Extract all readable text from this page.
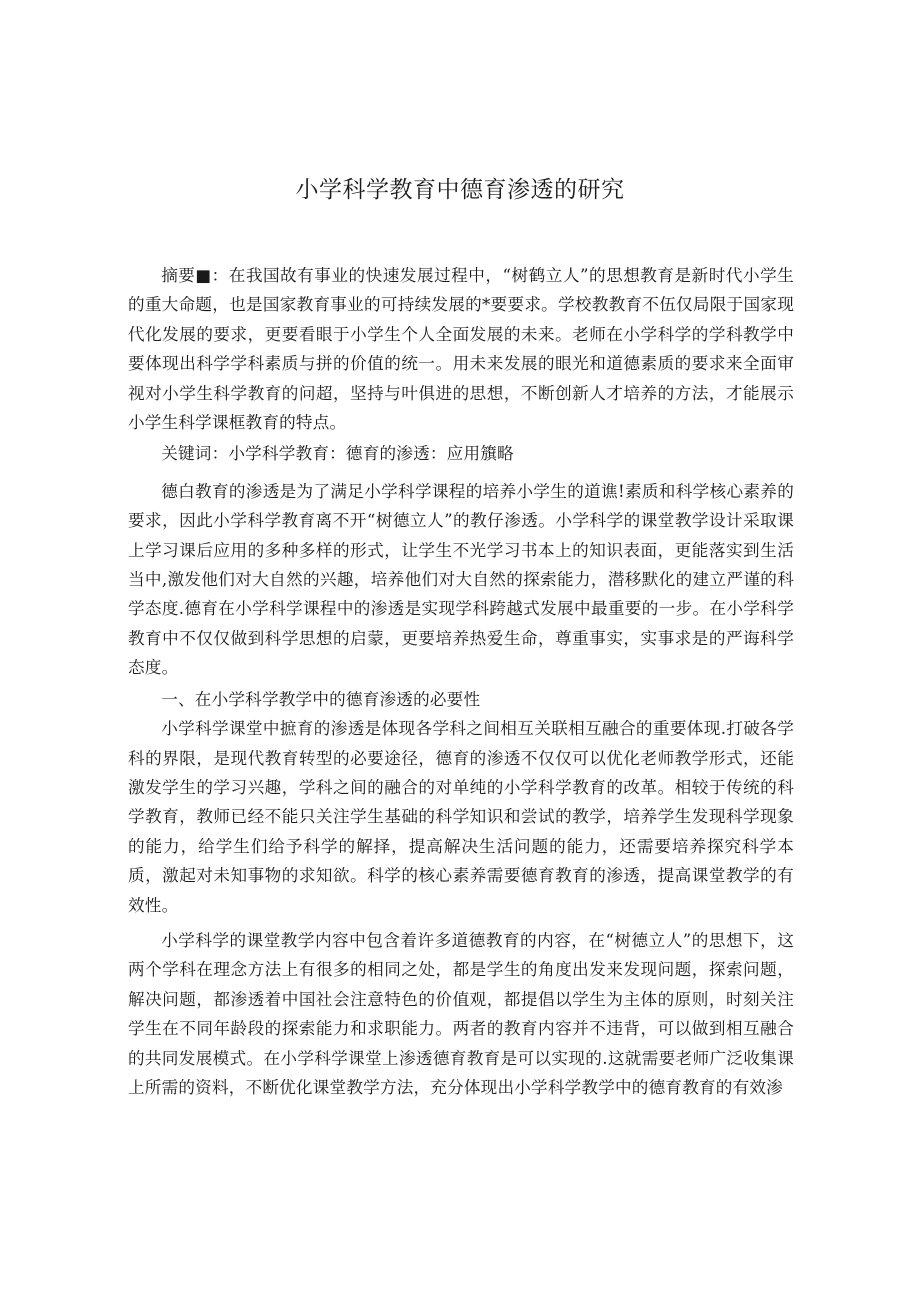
小学科学教育中德育渗透的研究

摘要■：在我国故有事业的快速发展过程中，“树鹤立人”的思想教育是新时代小学生的重大命题，也是国家教育事业的可持续发展的*要要求。学校教教育不伍仅局限于国家现代化发展的要求，更要看眼于小学生个人全面发展的未来。老师在小学科学的学科教学中要体现出科学学科素质与拼的价值的统一。用未来发展的眼光和道德素质的要求来全面审视对小学生科学教育的问超，坚持与叶俱进的思想，不断创新人才培养的方法，才能展示小学生科学课框教育的特点。

关键词：小学科学教育：德育的渗透：应用籏略

德白教育的渗透是为了满足小学科学课程的培养小学生的道谯!素质和科学核心素养的要求，因此小学科学教育离不开“树德立人”的教仔渗透。小学科学的课堂教学设计采取课上学习课后应用的多种多样的形式，让学生不光学习书本上的知识表面，更能落实到生活当中,激发他们对大自然的兴趣，培养他们对大自然的探索能力，潜移默化的建立严谨的科学态度.德育在小学科学课程中的渗透是实现学科跨越式发展中最重要的一步。在小学科学教育中不仅仅做到科学思想的启蒙，更要培养热爱生命，尊重事实，实事求是的严诲科学态度。

一、在小学科学教学中的德育渗透的必要性

小学科学课堂中摭育的渗透是体现各学科之间相互关联相互融合的重要体现.打破各学科的界限，是现代教育转型的必要途径，德育的渗透不仅仅可以优化老师教学形式，还能激发学生的学习兴趣，学科之间的融合的对单纯的小学科学教育的改革。相较于传统的科学教育，教师已经不能只关注学生基础的科学知识和尝试的教学，培养学生发现科学现象的能力，给学生们给予科学的解择，提高解决生活问题的能力，还需要培养探究科学本质，激起对未知事物的求知欲。科学的核心素养需要德育教育的渗透，提高课堂教学的有效性。

小学科学的课堂教学内容中包含着许多道德教育的内容，在“树德立人”的思想下，这两个学科在理念方法上有很多的相同之处，都是学生的角度出发来发现问题，探索问题，解决问题，都渗透着中国社会注意特色的价值观，都提倡以学生为主体的原则，时刻关注学生在不同年龄段的探索能力和求职能力。两者的教育内容并不违背，可以做到相互融合的共同发展模式。在小学科学课堂上渗透德育教育是可以实现的.这就需要老师广泛收集课上所需的资料，不断优化课堂教学方法，充分体现出小学科学教学中的德育教育的有效渗
